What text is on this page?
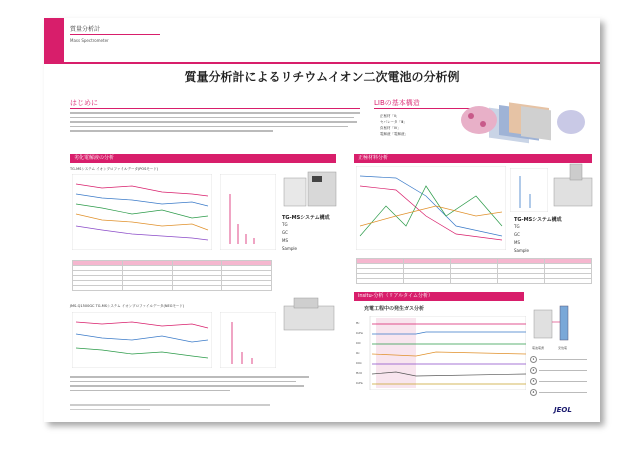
質量分析計
Mass Spectrometer
質量分析計によるリチウムイオン二次電池の分析例
はじめに	LIBの基本構造
正極材「Ⅱ」
セパレータ「Ⅲ」
負極材「Ⅳ」
電解液「電解液」
劣化電解液の分析
TG-MSシステム イオンプロファイルデータ(POSモード)
TG-MSシステム構成
TG
GC
MS
Sample

JMS-Q1500GC TG-MSシステム イオンプロファイルデータ(NEGモード)
正極材料分析
TG-MSシステム構成
TG
GC
MS
Sample

insitu-分析（リアルタイム分析）
充電工程中の発生ガス分析
H₂
C₂H₄
CO
O₂
CO₂
H₂O
C₂H₆
電池電源	充放電
1
2
3
4
JEOL
